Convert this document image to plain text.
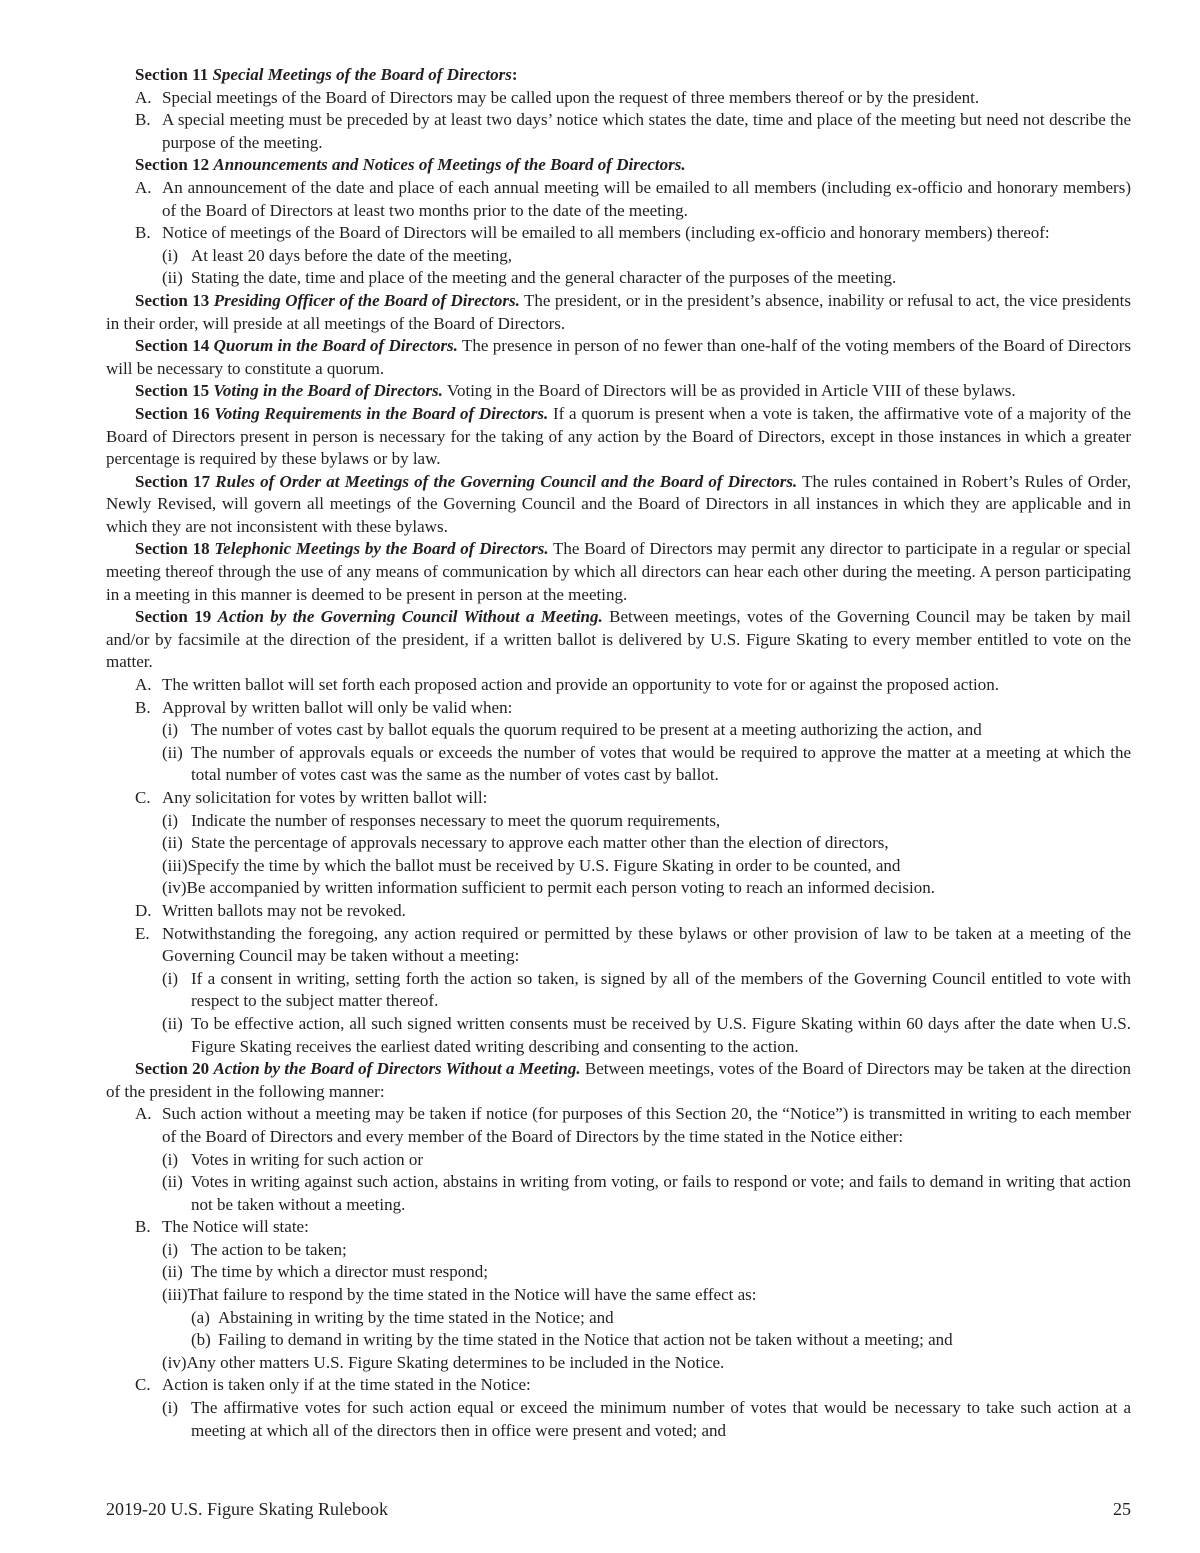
Section 11 Special Meetings of the Board of Directors:

A. Special meetings of the Board of Directors may be called upon the request of three members thereof or by the president.

B. A special meeting must be preceded by at least two days’ notice which states the date, time and place of the meeting but need not describe the purpose of the meeting.

Section 12 Announcements and Notices of Meetings of the Board of Directors.

A. An announcement of the date and place of each annual meeting will be emailed to all members (including ex-officio and honorary members) of the Board of Directors at least two months prior to the date of the meeting.

B. Notice of meetings of the Board of Directors will be emailed to all members (including ex-officio and honorary members) thereof:

(i) At least 20 days before the date of the meeting,

(ii) Stating the date, time and place of the meeting and the general character of the purposes of the meeting.

Section 13 Presiding Officer of the Board of Directors. The president, or in the president’s absence, inability or refusal to act, the vice presidents in their order, will preside at all meetings of the Board of Directors.

Section 14 Quorum in the Board of Directors. The presence in person of no fewer than one-half of the voting members of the Board of Directors will be necessary to constitute a quorum.

Section 15 Voting in the Board of Directors. Voting in the Board of Directors will be as provided in Article VIII of these bylaws.

Section 16 Voting Requirements in the Board of Directors. If a quorum is present when a vote is taken, the affirmative vote of a majority of the Board of Directors present in person is necessary for the taking of any action by the Board of Directors, except in those instances in which a greater percentage is required by these bylaws or by law.

Section 17 Rules of Order at Meetings of the Governing Council and the Board of Directors. The rules contained in Robert’s Rules of Order, Newly Revised, will govern all meetings of the Governing Council and the Board of Directors in all instances in which they are applicable and in which they are not inconsistent with these bylaws.

Section 18 Telephonic Meetings by the Board of Directors. The Board of Directors may permit any director to participate in a regular or special meeting thereof through the use of any means of communication by which all directors can hear each other during the meeting. A person participating in a meeting in this manner is deemed to be present in person at the meeting.

Section 19 Action by the Governing Council Without a Meeting. Between meetings, votes of the Governing Council may be taken by mail and/or by facsimile at the direction of the president, if a written ballot is delivered by U.S. Figure Skating to every member entitled to vote on the matter.

A. The written ballot will set forth each proposed action and provide an opportunity to vote for or against the proposed action.

B. Approval by written ballot will only be valid when:

(i) The number of votes cast by ballot equals the quorum required to be present at a meeting authorizing the action, and

(ii) The number of approvals equals or exceeds the number of votes that would be required to approve the matter at a meeting at which the total number of votes cast was the same as the number of votes cast by ballot.

C. Any solicitation for votes by written ballot will:

(i) Indicate the number of responses necessary to meet the quorum requirements,

(ii) State the percentage of approvals necessary to approve each matter other than the election of directors,

(iii)Specify the time by which the ballot must be received by U.S. Figure Skating in order to be counted, and

(iv)Be accompanied by written information sufficient to permit each person voting to reach an informed decision.

D. Written ballots may not be revoked.

E. Notwithstanding the foregoing, any action required or permitted by these bylaws or other provision of law to be taken at a meeting of the Governing Council may be taken without a meeting:

(i) If a consent in writing, setting forth the action so taken, is signed by all of the members of the Governing Council entitled to vote with respect to the subject matter thereof.

(ii) To be effective action, all such signed written consents must be received by U.S. Figure Skating within 60 days after the date when U.S. Figure Skating receives the earliest dated writing describing and consenting to the action.

Section 20 Action by the Board of Directors Without a Meeting. Between meetings, votes of the Board of Directors may be taken at the direction of the president in the following manner:

A. Such action without a meeting may be taken if notice (for purposes of this Section 20, the “Notice”) is transmitted in writing to each member of the Board of Directors and every member of the Board of Directors by the time stated in the Notice either:

(i) Votes in writing for such action or

(ii) Votes in writing against such action, abstains in writing from voting, or fails to respond or vote; and fails to demand in writing that action not be taken without a meeting.

B. The Notice will state:

(i) The action to be taken;

(ii) The time by which a director must respond;

(iii)That failure to respond by the time stated in the Notice will have the same effect as:

(a) Abstaining in writing by the time stated in the Notice; and

(b) Failing to demand in writing by the time stated in the Notice that action not be taken without a meeting; and

(iv)Any other matters U.S. Figure Skating determines to be included in the Notice.

C. Action is taken only if at the time stated in the Notice:

(i) The affirmative votes for such action equal or exceed the minimum number of votes that would be necessary to take such action at a meeting at which all of the directors then in office were present and voted; and

2019-20 U.S. Figure Skating Rulebook	25
